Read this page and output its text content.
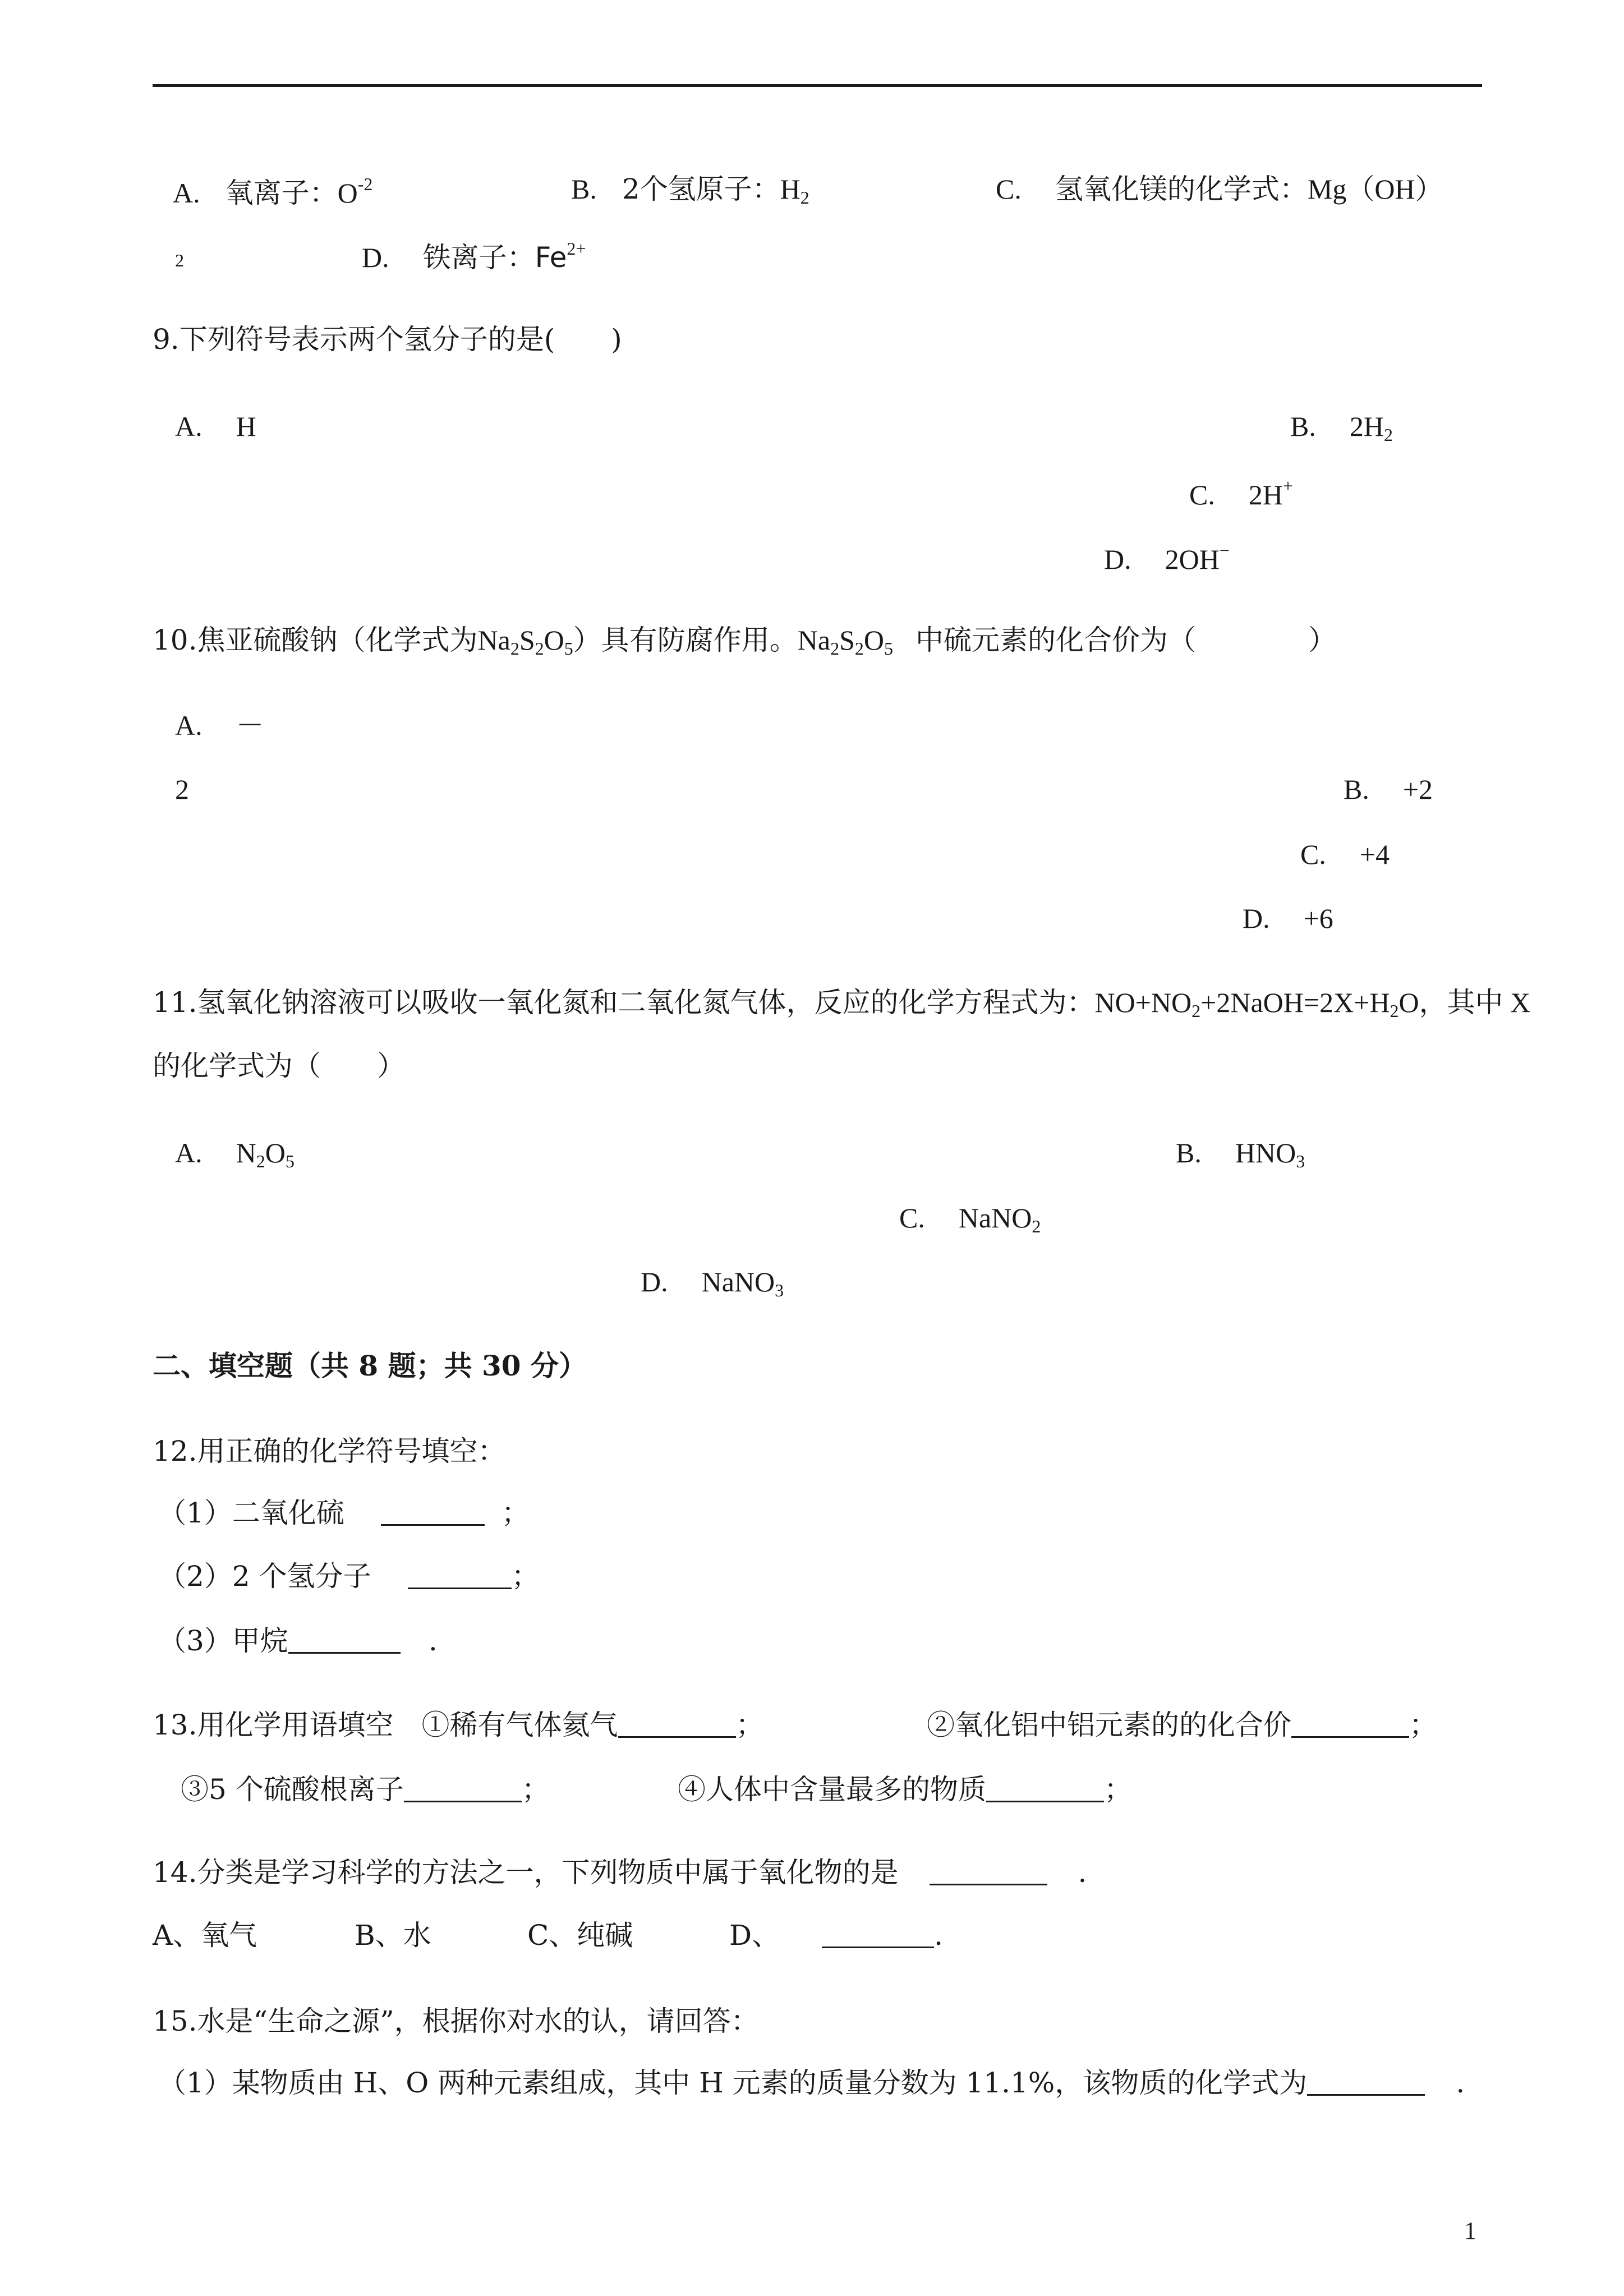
A. 氧离子：$O^{-2}$	B. 2个氢原子：H2	C. 氢氧化镁的化学式：Mg（OH）
2	D. 铁离子：$Fe^{2+}$
9.下列符号表示两个氢分子的是(　　)
A. H	B. 2H2
C. 2H+
D. 2OH−
10.焦亚硫酸钠（化学式为Na2S2O5）具有防腐作用。Na2S2O5 中硫元素的化合价为（　　　　）
A. －
2	B. +2
C. +4
D. +6
11.氢氧化钠溶液可以吸收一氧化氮和二氧化氮气体，反应的化学方程式为：NO+NO2+2NaOH=2X+H2O，其中 X
的化学式为（　　）
A. N2O5	B. HNO3
C. NaNO2
D. NaNO3
二、填空题（共 8 题；共 30 分）
12.用正确的化学符号填空：
（1）二氧化硫	；
（2）2 个氢分子	；
（3）甲烷	.
13.用化学用语填空　①稀有气体氦气	；	②氧化铝中铝元素的的化合价	；
③5 个硫酸根离子	；	④人体中含量最多的物质	；
14.分类是学习科学的方法之一，下列物质中属于氧化物的是	.
A、氧气	B、水	C、纯碱	D、	.
15.水是“生命之源”，根据你对水的认，请回答：
（1）某物质由 H、O 两种元素组成，其中 H 元素的质量分数为 11.1%，该物质的化学式为	.
1
